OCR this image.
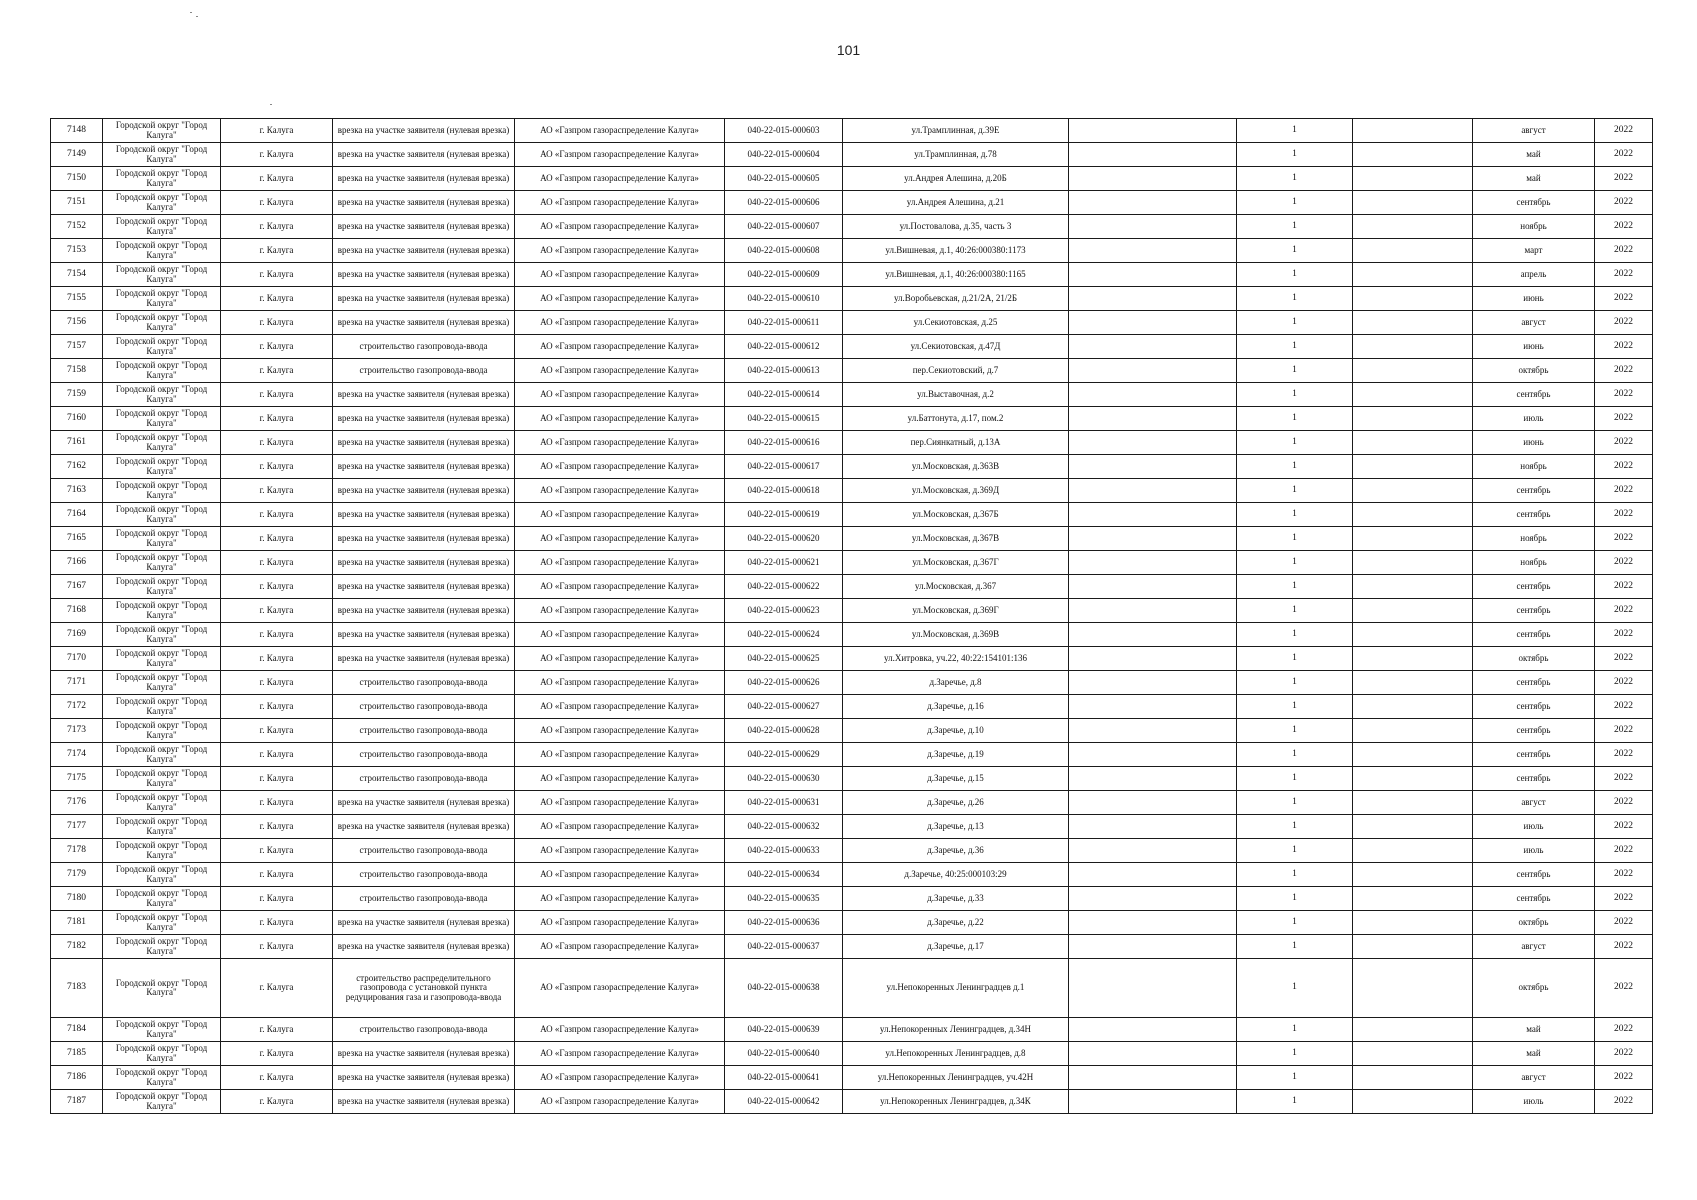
101
7148	Городской округ "Город Калуга"	г. Калуга	врезка на участке заявителя (нулевая врезка)	АО «Газпром газораспределение Калуга»	040-22-015-000603	ул.Трамплинная, д.39Е		1		август	2022
7149	Городской округ "Город Калуга"	г. Калуга	врезка на участке заявителя (нулевая врезка)	АО «Газпром газораспределение Калуга»	040-22-015-000604	ул.Трамплинная, д.78		1		май	2022
7150	Городской округ "Город Калуга"	г. Калуга	врезка на участке заявителя (нулевая врезка)	АО «Газпром газораспределение Калуга»	040-22-015-000605	ул.Андрея Алешина, д.20Б		1		май	2022
7151	Городской округ "Город Калуга"	г. Калуга	врезка на участке заявителя (нулевая врезка)	АО «Газпром газораспределение Калуга»	040-22-015-000606	ул.Андрея Алешина, д.21		1		сентябрь	2022
7152	Городской округ "Город Калуга"	г. Калуга	врезка на участке заявителя (нулевая врезка)	АО «Газпром газораспределение Калуга»	040-22-015-000607	ул.Постовалова, д.35, часть 3		1		ноябрь	2022
7153	Городской округ "Город Калуга"	г. Калуга	врезка на участке заявителя (нулевая врезка)	АО «Газпром газораспределение Калуга»	040-22-015-000608	ул.Вишневая, д.1, 40:26:000380:1173		1		март	2022
7154	Городской округ "Город Калуга"	г. Калуга	врезка на участке заявителя (нулевая врезка)	АО «Газпром газораспределение Калуга»	040-22-015-000609	ул.Вишневая, д.1, 40:26:000380:1165		1		апрель	2022
7155	Городской округ "Город Калуга"	г. Калуга	врезка на участке заявителя (нулевая врезка)	АО «Газпром газораспределение Калуга»	040-22-015-000610	ул.Воробьевская, д.21/2А, 21/2Б		1		июнь	2022
7156	Городской округ "Город Калуга"	г. Калуга	врезка на участке заявителя (нулевая врезка)	АО «Газпром газораспределение Калуга»	040-22-015-000611	ул.Секиотовская, д.25		1		август	2022
7157	Городской округ "Город Калуга"	г. Калуга	строительство газопровода-ввода	АО «Газпром газораспределение Калуга»	040-22-015-000612	ул.Секиотовская, д.47Д		1		июнь	2022
7158	Городской округ "Город Калуга"	г. Калуга	строительство газопровода-ввода	АО «Газпром газораспределение Калуга»	040-22-015-000613	пер.Секиотовский, д.7		1		октябрь	2022
7159	Городской округ "Город Калуга"	г. Калуга	врезка на участке заявителя (нулевая врезка)	АО «Газпром газораспределение Калуга»	040-22-015-000614	ул.Выставочная, д.2		1		сентябрь	2022
7160	Городской округ "Город Калуга"	г. Калуга	врезка на участке заявителя (нулевая врезка)	АО «Газпром газораспределение Калуга»	040-22-015-000615	ул.Баттонута, д.17, пом.2		1		июль	2022
7161	Городской округ "Город Калуга"	г. Калуга	врезка на участке заявителя (нулевая врезка)	АО «Газпром газораспределение Калуга»	040-22-015-000616	пер.Сиянкатный, д.13А		1		июнь	2022
7162	Городской округ "Город Калуга"	г. Калуга	врезка на участке заявителя (нулевая врезка)	АО «Газпром газораспределение Калуга»	040-22-015-000617	ул.Московская, д.363В		1		ноябрь	2022
7163	Городской округ "Город Калуга"	г. Калуга	врезка на участке заявителя (нулевая врезка)	АО «Газпром газораспределение Калуга»	040-22-015-000618	ул.Московская, д.369Д		1		сентябрь	2022
7164	Городской округ "Город Калуга"	г. Калуга	врезка на участке заявителя (нулевая врезка)	АО «Газпром газораспределение Калуга»	040-22-015-000619	ул.Московская, д.367Б		1		сентябрь	2022
7165	Городской округ "Город Калуга"	г. Калуга	врезка на участке заявителя (нулевая врезка)	АО «Газпром газораспределение Калуга»	040-22-015-000620	ул.Московская, д.367В		1		ноябрь	2022
7166	Городской округ "Город Калуга"	г. Калуга	врезка на участке заявителя (нулевая врезка)	АО «Газпром газораспределение Калуга»	040-22-015-000621	ул.Московская, д.367Г		1		ноябрь	2022
7167	Городской округ "Город Калуга"	г. Калуга	врезка на участке заявителя (нулевая врезка)	АО «Газпром газораспределение Калуга»	040-22-015-000622	ул.Московская, д.367		1		сентябрь	2022
7168	Городской округ "Город Калуга"	г. Калуга	врезка на участке заявителя (нулевая врезка)	АО «Газпром газораспределение Калуга»	040-22-015-000623	ул.Московская, д.369Г		1		сентябрь	2022
7169	Городской округ "Город Калуга"	г. Калуга	врезка на участке заявителя (нулевая врезка)	АО «Газпром газораспределение Калуга»	040-22-015-000624	ул.Московская, д.369В		1		сентябрь	2022
7170	Городской округ "Город Калуга"	г. Калуга	врезка на участке заявителя (нулевая врезка)	АО «Газпром газораспределение Калуга»	040-22-015-000625	ул.Хитровка, уч.22, 40:22:154101:136		1		октябрь	2022
7171	Городской округ "Город Калуга"	г. Калуга	строительство газопровода-ввода	АО «Газпром газораспределение Калуга»	040-22-015-000626	д.Заречье, д.8		1		сентябрь	2022
7172	Городской округ "Город Калуга"	г. Калуга	строительство газопровода-ввода	АО «Газпром газораспределение Калуга»	040-22-015-000627	д.Заречье, д.16		1		сентябрь	2022
7173	Городской округ "Город Калуга"	г. Калуга	строительство газопровода-ввода	АО «Газпром газораспределение Калуга»	040-22-015-000628	д.Заречье, д.10		1		сентябрь	2022
7174	Городской округ "Город Калуга"	г. Калуга	строительство газопровода-ввода	АО «Газпром газораспределение Калуга»	040-22-015-000629	д.Заречье, д.19		1		сентябрь	2022
7175	Городской округ "Город Калуга"	г. Калуга	строительство газопровода-ввода	АО «Газпром газораспределение Калуга»	040-22-015-000630	д.Заречье, д.15		1		сентябрь	2022
7176	Городской округ "Город Калуга"	г. Калуга	врезка на участке заявителя (нулевая врезка)	АО «Газпром газораспределение Калуга»	040-22-015-000631	д.Заречье, д.26		1		август	2022
7177	Городской округ "Город Калуга"	г. Калуга	врезка на участке заявителя (нулевая врезка)	АО «Газпром газораспределение Калуга»	040-22-015-000632	д.Заречье, д.13		1		июль	2022
7178	Городской округ "Город Калуга"	г. Калуга	строительство газопровода-ввода	АО «Газпром газораспределение Калуга»	040-22-015-000633	д.Заречье, д.36		1		июль	2022
7179	Городской округ "Город Калуга"	г. Калуга	строительство газопровода-ввода	АО «Газпром газораспределение Калуга»	040-22-015-000634	д.Заречье, 40:25:000103:29		1		сентябрь	2022
7180	Городской округ "Город Калуга"	г. Калуга	строительство газопровода-ввода	АО «Газпром газораспределение Калуга»	040-22-015-000635	д.Заречье, д.33		1		сентябрь	2022
7181	Городской округ "Город Калуга"	г. Калуга	врезка на участке заявителя (нулевая врезка)	АО «Газпром газораспределение Калуга»	040-22-015-000636	д.Заречье, д.22		1		октябрь	2022
7182	Городской округ "Город Калуга"	г. Калуга	врезка на участке заявителя (нулевая врезка)	АО «Газпром газораспределение Калуга»	040-22-015-000637	д.Заречье, д.17		1		август	2022
7183	Городской округ "Город Калуга"	г. Калуга	строительство распределительного газопровода с установкой пункта редуцирования газа и газопровода-ввода	АО «Газпром газораспределение Калуга»	040-22-015-000638	ул.Непокоренных Ленинградцев д.1		1		октябрь	2022
7184	Городской округ "Город Калуга"	г. Калуга	строительство газопровода-ввода	АО «Газпром газораспределение Калуга»	040-22-015-000639	ул.Непокоренных Ленинградцев, д.34Н		1		май	2022
7185	Городской округ "Город Калуга"	г. Калуга	врезка на участке заявителя (нулевая врезка)	АО «Газпром газораспределение Калуга»	040-22-015-000640	ул.Непокоренных Ленинградцев, д.8		1		май	2022
7186	Городской округ "Город Калуга"	г. Калуга	врезка на участке заявителя (нулевая врезка)	АО «Газпром газораспределение Калуга»	040-22-015-000641	ул.Непокоренных Ленинградцев, уч.42Н		1		август	2022
7187	Городской округ "Город Калуга"	г. Калуга	врезка на участке заявителя (нулевая врезка)	АО «Газпром газораспределение Калуга»	040-22-015-000642	ул.Непокоренных Ленинградцев, д.34К		1		июль	2022
